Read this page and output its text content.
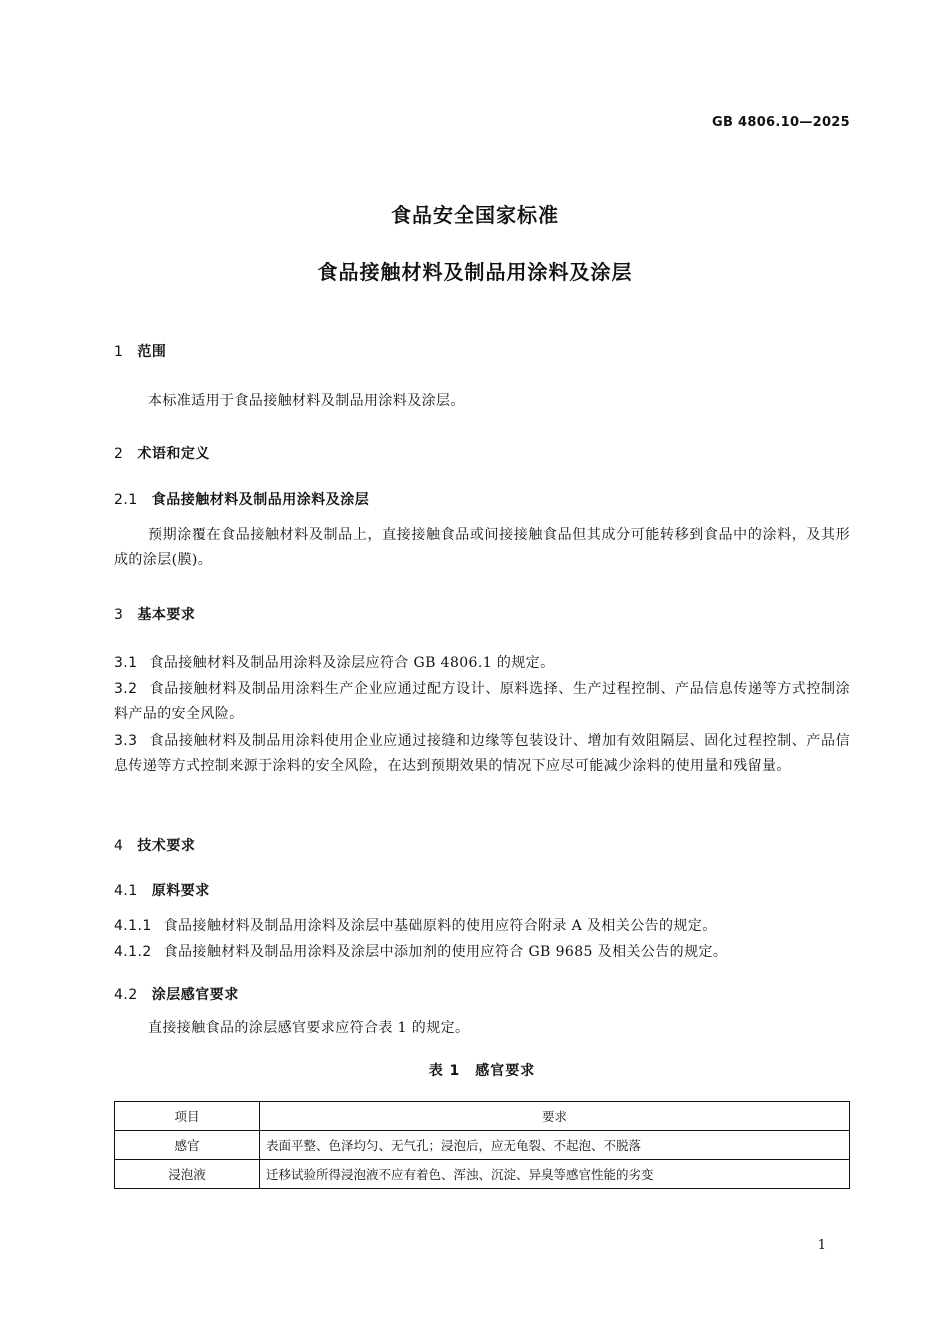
GB 4806.10—2025
食品安全国家标准
食品接触材料及制品用涂料及涂层
1 范围
本标准适用于食品接触材料及制品用涂料及涂层。
2 术语和定义
2.1 食品接触材料及制品用涂料及涂层
预期涂覆在食品接触材料及制品上，直接接触食品或间接接触食品但其成分可能转移到食品中的涂料，及其形成的涂层(膜)。
3 基本要求
3.1 食品接触材料及制品用涂料及涂层应符合 GB 4806.1 的规定。
3.2 食品接触材料及制品用涂料生产企业应通过配方设计、原料选择、生产过程控制、产品信息传递等方式控制涂料产品的安全风险。
3.3 食品接触材料及制品用涂料使用企业应通过接缝和边缘等包装设计、增加有效阻隔层、固化过程控制、产品信息传递等方式控制来源于涂料的安全风险，在达到预期效果的情况下应尽可能减少涂料的使用量和残留量。
4 技术要求
4.1 原料要求
4.1.1 食品接触材料及制品用涂料及涂层中基础原料的使用应符合附录 A 及相关公告的规定。
4.1.2 食品接触材料及制品用涂料及涂层中添加剂的使用应符合 GB 9685 及相关公告的规定。
4.2 涂层感官要求
直接接触食品的涂层感官要求应符合表 1 的规定。
表 1　感官要求
项目	要求
感官	表面平整、色泽均匀、无气孔；浸泡后，应无龟裂、不起泡、不脱落
浸泡液	迁移试验所得浸泡液不应有着色、浑浊、沉淀、异臭等感官性能的劣变
1
